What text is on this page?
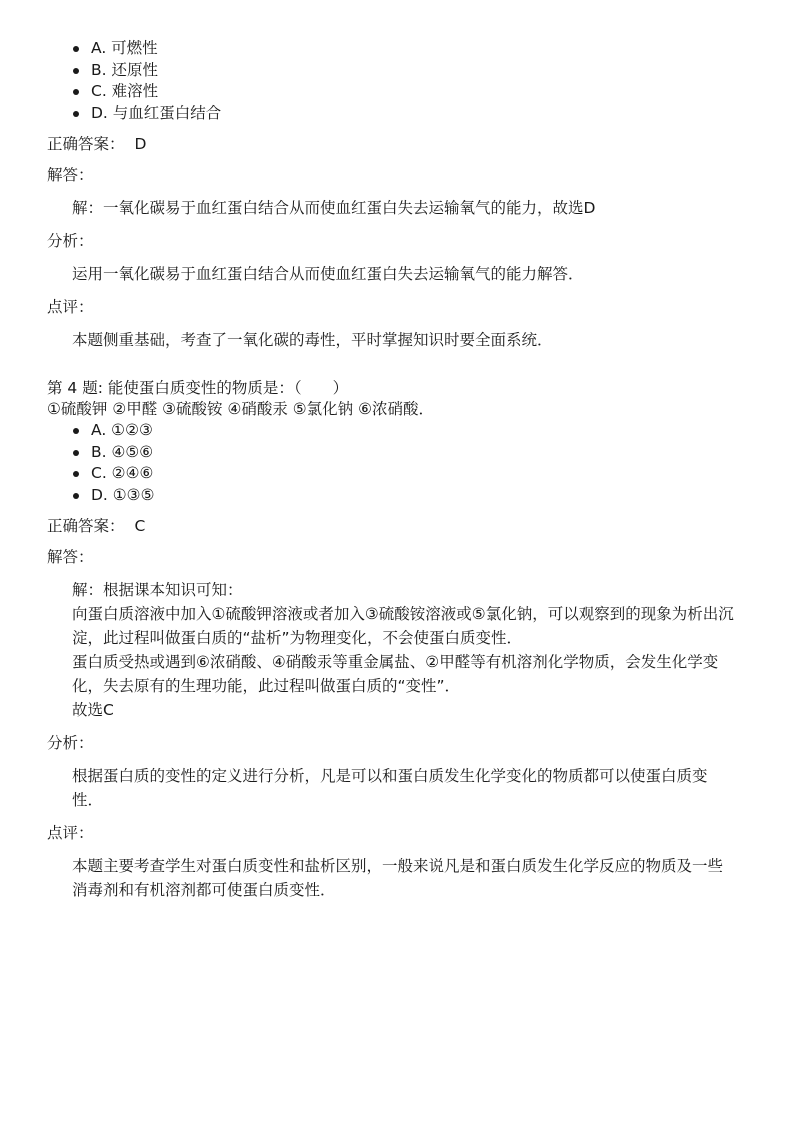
A. 可燃性
B. 还原性
C. 难溶性
D. 与血红蛋白结合
正确答案： D
解答：

解：一氧化碳易于血红蛋白结合从而使血红蛋白失去运输氧气的能力，故选D

分析：

运用一氧化碳易于血红蛋白结合从而使血红蛋白失去运输氧气的能力解答．

点评：

本题侧重基础，考查了一氧化碳的毒性，平时掌握知识时要全面系统．

第 4 题: 能使蛋白质变性的物质是：（　　）
①硫酸钾 ②甲醛 ③硫酸铵 ④硝酸汞 ⑤氯化钠 ⑥浓硝酸．
A. ①②③
B. ④⑤⑥
C. ②④⑥
D. ①③⑤
正确答案： C
解答：

解：根据课本知识可知：

向蛋白质溶液中加入①硫酸钾溶液或者加入③硫酸铵溶液或⑤氯化钠，可以观察到的现象为析出沉淀，此过程叫做蛋白质的“盐析”为物理变化，不会使蛋白质变性．

蛋白质受热或遇到⑥浓硝酸、④硝酸汞等重金属盐、②甲醛等有机溶剂化学物质，会发生化学变化，失去原有的生理功能，此过程叫做蛋白质的“变性”．

故选C

分析：

根据蛋白质的变性的定义进行分析，凡是可以和蛋白质发生化学变化的物质都可以使蛋白质变性．

点评：

本题主要考查学生对蛋白质变性和盐析区别，一般来说凡是和蛋白质发生化学反应的物质及一些消毒剂和有机溶剂都可使蛋白质变性．
